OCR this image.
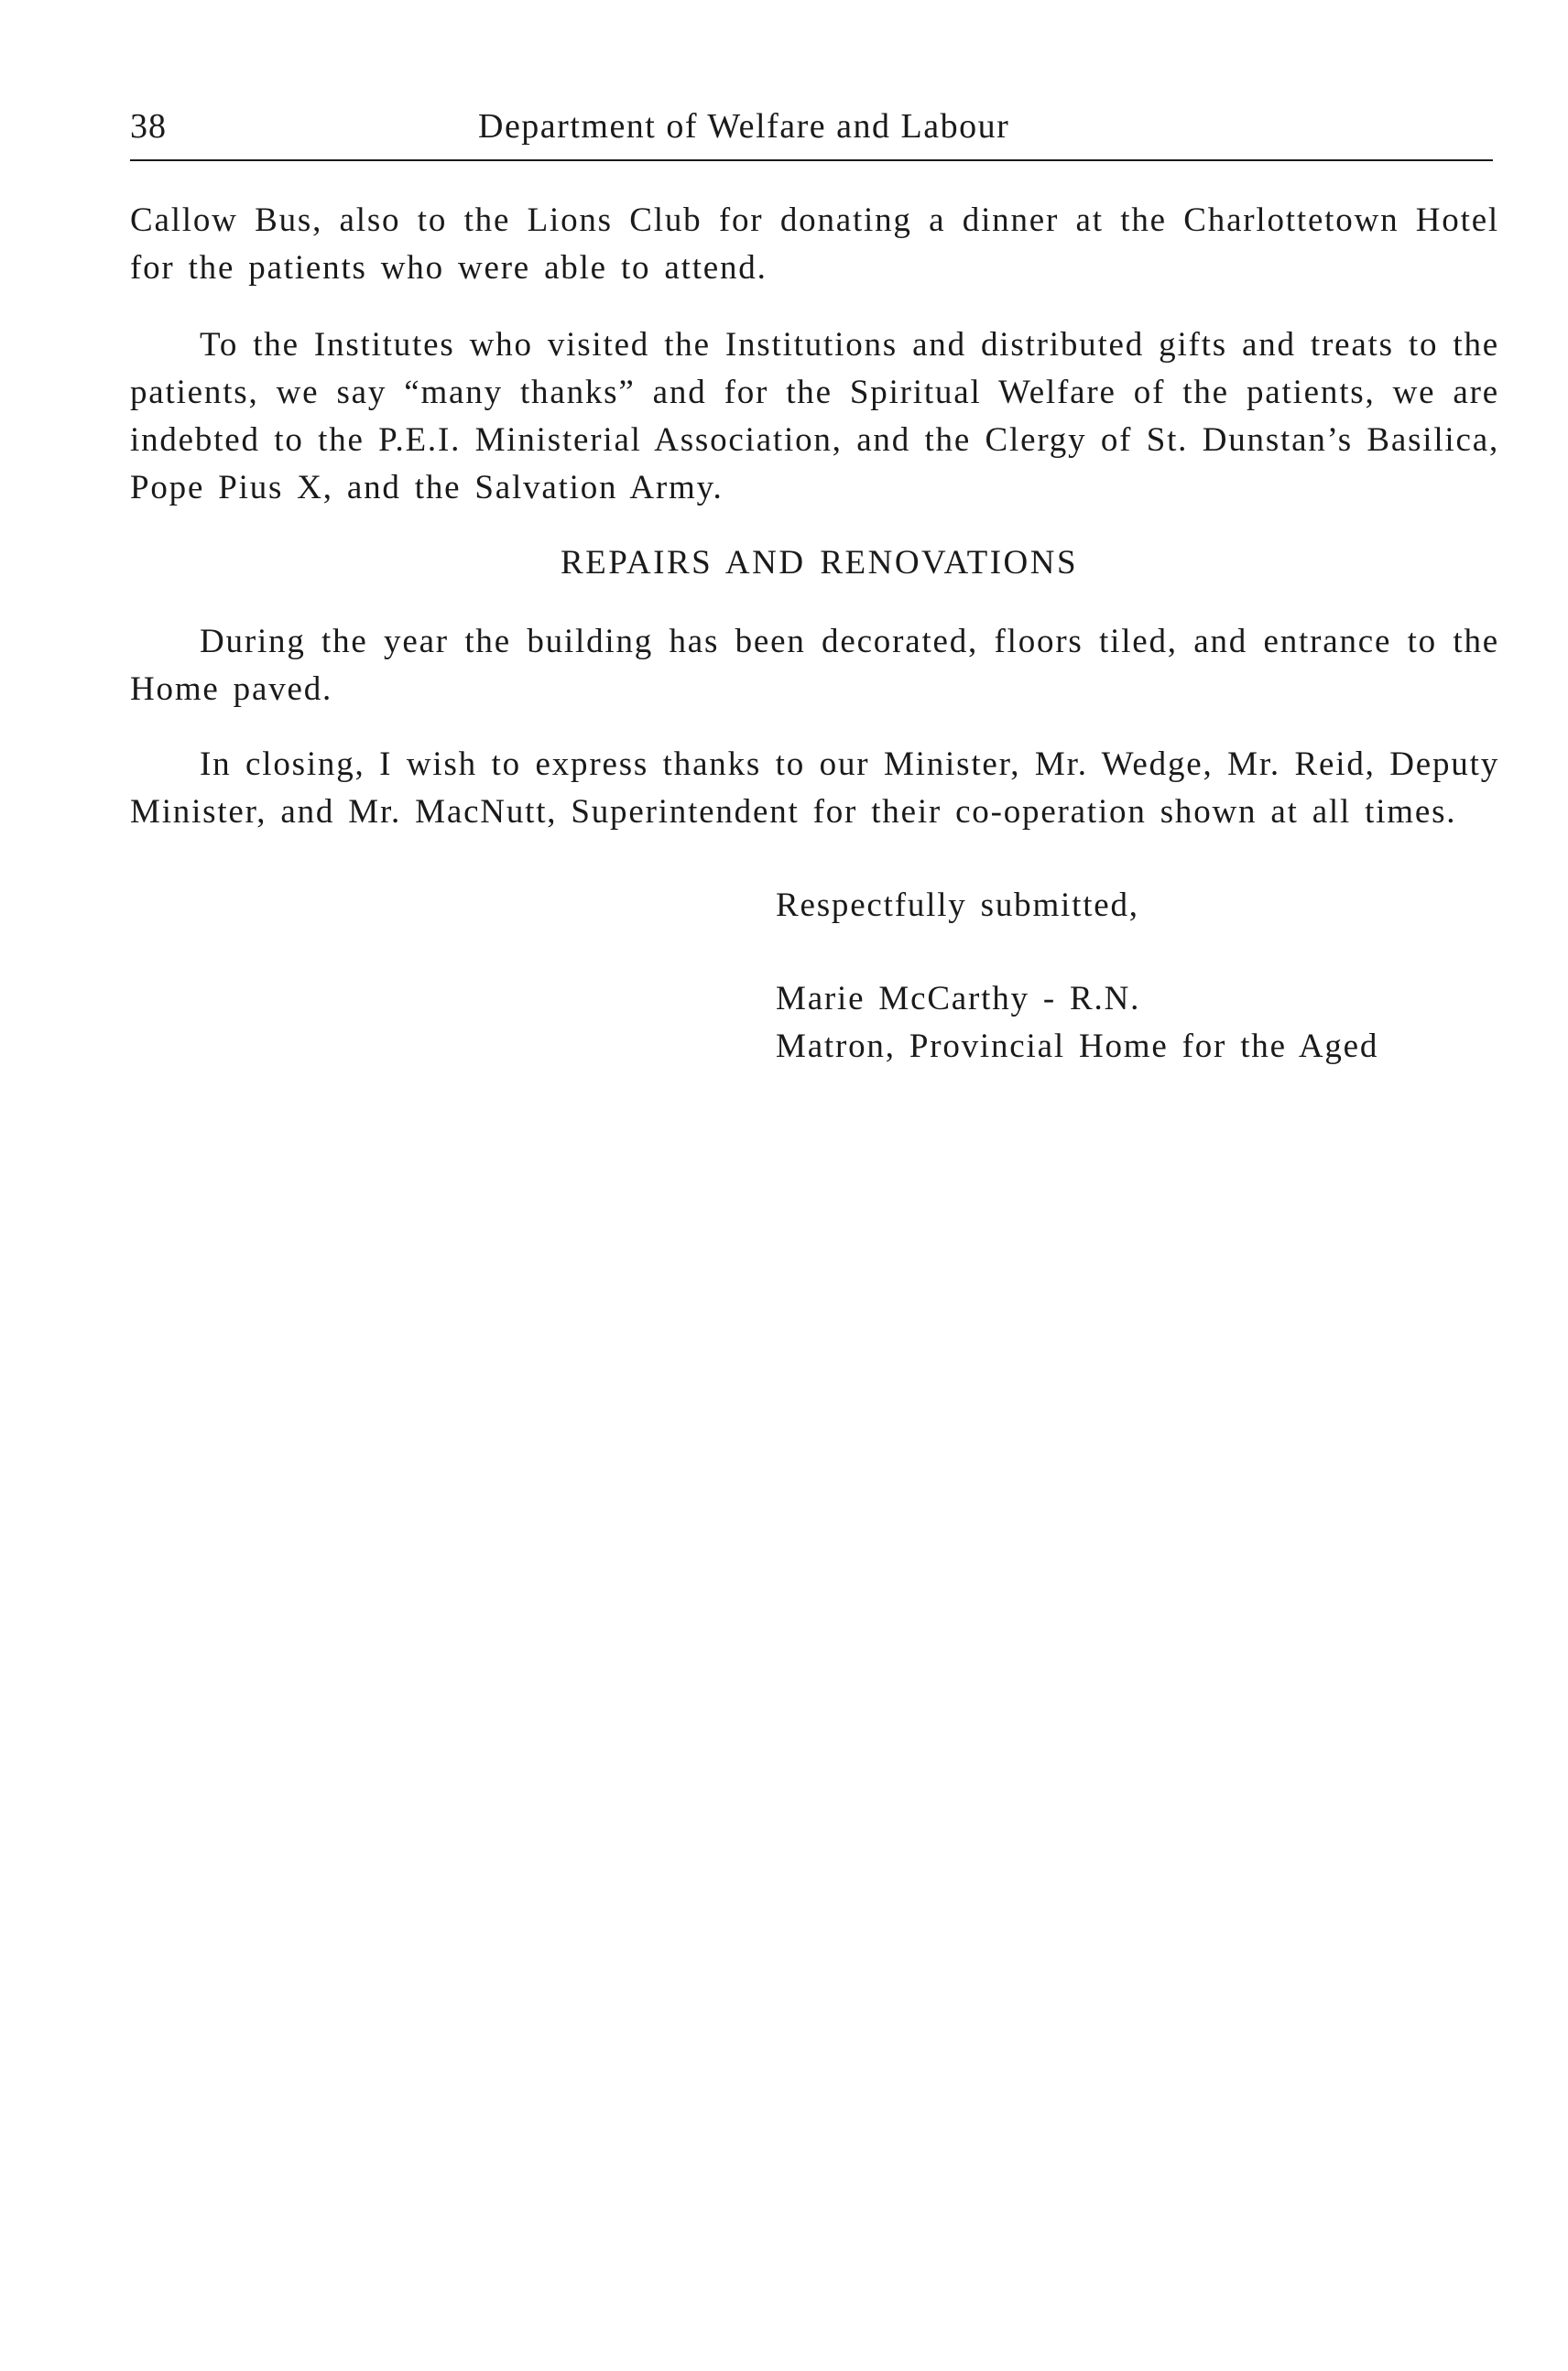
38	Department of Welfare and Labour

Callow Bus, also to the Lions Club for donating a dinner at the Charlottetown Hotel for the patients who were able to attend.

To the Institutes who visited the Institutions and distributed gifts and treats to the patients, we say “many thanks” and for the Spiritual Welfare of the patients, we are indebted to the P.E.I. Ministerial Association, and the Clergy of St. Dunstan’s Basilica, Pope Pius X, and the Salvation Army.

REPAIRS AND RENOVATIONS

During the year the building has been decorated, floors tiled, and entrance to the Home paved.

In closing, I wish to express thanks to our Minister, Mr. Wedge, Mr. Reid, Deputy Minister, and Mr. MacNutt, Superintendent for their co-operation shown at all times.

Respectfully submitted,
Marie McCarthy - R.N.
Matron, Provincial Home for the Aged
